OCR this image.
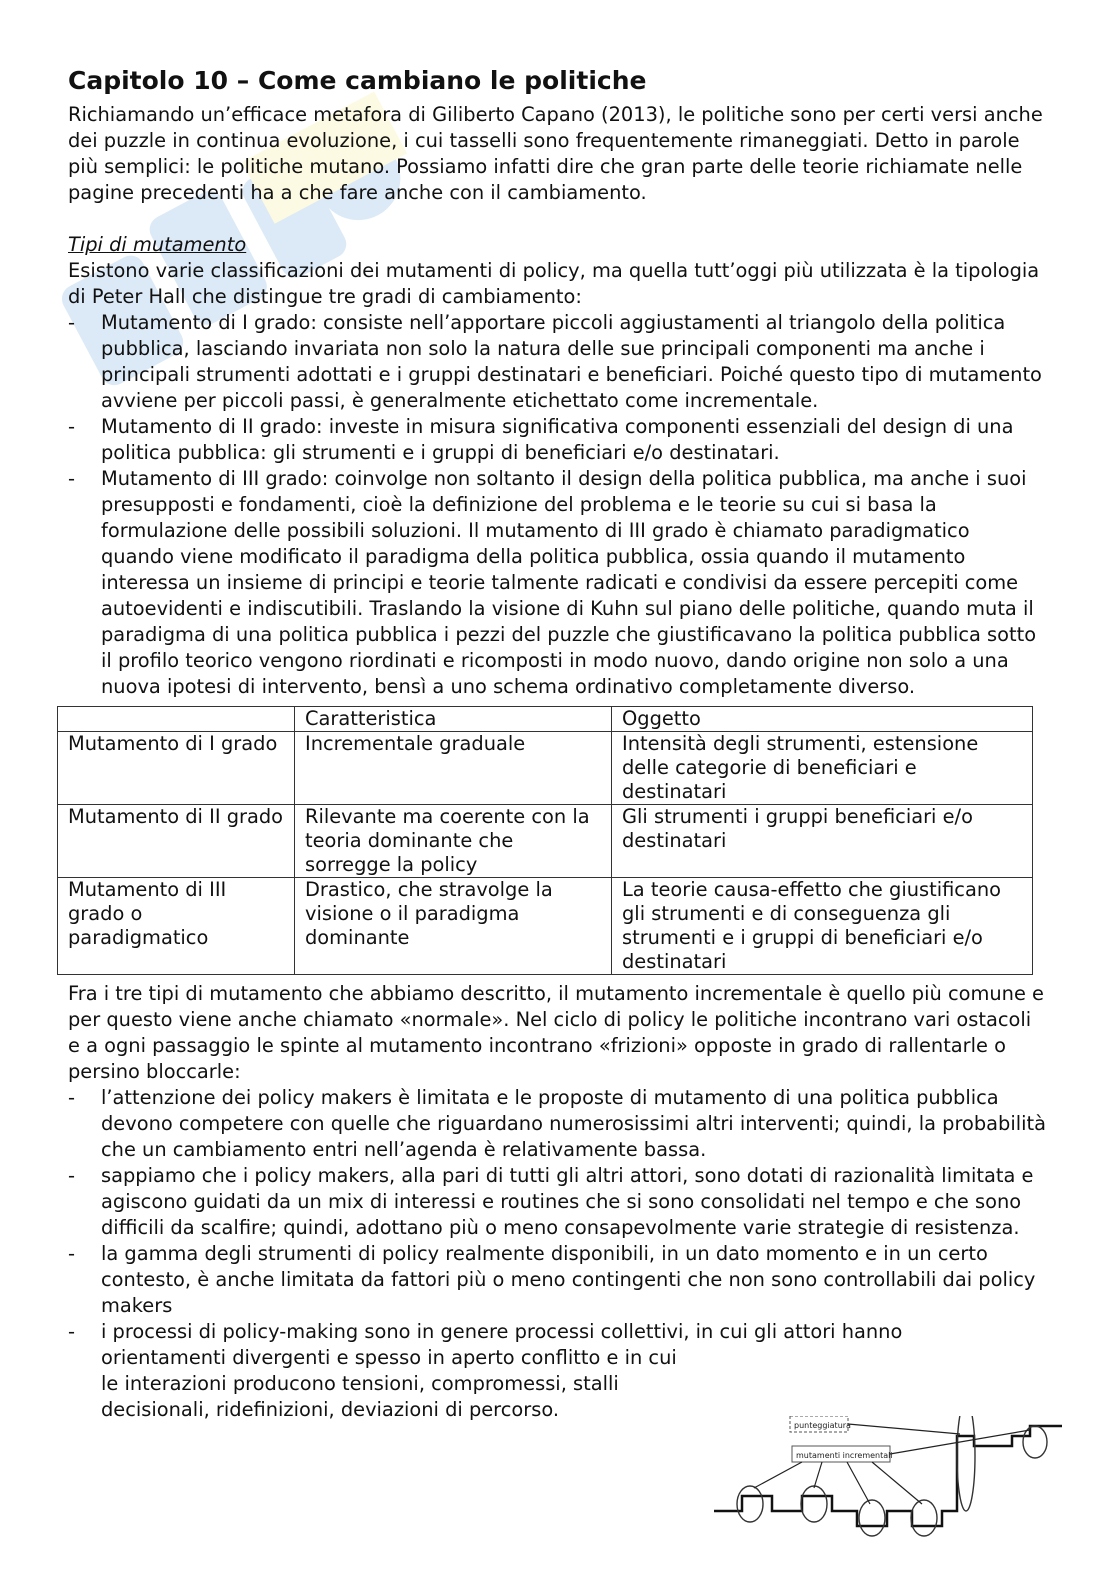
Capitolo 10 – Come cambiano le politiche

Richiamando un’efficace metafora di Giliberto Capano (2013), le politiche sono per certi versi anche dei puzzle in continua evoluzione, i cui tasselli sono frequentemente rimaneggiati. Detto in parole più semplici: le politiche mutano. Possiamo infatti dire che gran parte delle teorie richiamate nelle pagine precedenti ha a che fare anche con il cambiamento.

Tipi di mutamento

Esistono varie classificazioni dei mutamenti di policy, ma quella tutt’oggi più utilizzata è la tipologia di Peter Hall che distingue tre gradi di cambiamento:

- Mutamento di I grado: consiste nell’apportare piccoli aggiustamenti al triangolo della politica pubblica, lasciando invariata non solo la natura delle sue principali componenti ma anche i principali strumenti adottati e i gruppi destinatari e beneficiari. Poiché questo tipo di mutamento avviene per piccoli passi, è generalmente etichettato come incrementale.
- Mutamento di II grado: investe in misura significativa componenti essenziali del design di una politica pubblica: gli strumenti e i gruppi di beneficiari e/o destinatari.
- Mutamento di III grado: coinvolge non soltanto il design della politica pubblica, ma anche i suoi presupposti e fondamenti, cioè la definizione del problema e le teorie su cui si basa la formulazione delle possibili soluzioni. Il mutamento di III grado è chiamato paradigmatico quando viene modificato il paradigma della politica pubblica, ossia quando il mutamento interessa un insieme di principi e teorie talmente radicati e condivisi da essere percepiti come autoevidenti e indiscutibili. Traslando la visione di Kuhn sul piano delle politiche, quando muta il paradigma di una politica pubblica i pezzi del puzzle che giustificavano la politica pubblica sotto il profilo teorico vengono riordinati e ricomposti in modo nuovo, dando origine non solo a una nuova ipotesi di intervento, bensì a uno schema ordinativo completamente diverso.
	Caratteristica	Oggetto
Mutamento di I grado	Incrementale graduale	Intensità degli strumenti, estensione delle categorie di beneficiari e destinatari
Mutamento di II grado	Rilevante ma coerente con la teoria dominante che sorregge la policy	Gli strumenti i gruppi beneficiari e/o destinatari
Mutamento di III grado o paradigmatico	Drastico, che stravolge la visione o il paradigma dominante	La teorie causa-effetto che giustificano gli strumenti e di conseguenza gli strumenti e i gruppi di beneficiari e/o destinatari

Fra i tre tipi di mutamento che abbiamo descritto, il mutamento incrementale è quello più comune e per questo viene anche chiamato «normale». Nel ciclo di policy le politiche incontrano vari ostacoli e a ogni passaggio le spinte al mutamento incontrano «frizioni» opposte in grado di rallentarle o persino bloccarle:

- l’attenzione dei policy makers è limitata e le proposte di mutamento di una politica pubblica devono competere con quelle che riguardano numerosissimi altri interventi; quindi, la probabilità che un cambiamento entri nell’agenda è relativamente bassa.
- sappiamo che i policy makers, alla pari di tutti gli altri attori, sono dotati di razionalità limitata e agiscono guidati da un mix di interessi e routines che si sono consolidati nel tempo e che sono difficili da scalfire; quindi, adottano più o meno consapevolmente varie strategie di resistenza.
- la gamma degli strumenti di policy realmente disponibili, in un dato momento e in un certo contesto, è anche limitata da fattori più o meno contingenti che non sono controllabili dai policy makers
- i processi di policy-making sono in genere processi collettivi, in cui gli attori hanno
orientamenti divergenti e spesso in aperto conflitto e in cui le interazioni producono tensioni, compromessi, stalli decisionali, ridefinizioni, deviazioni di percorso.
punteggiatura
mutamenti incrementali
